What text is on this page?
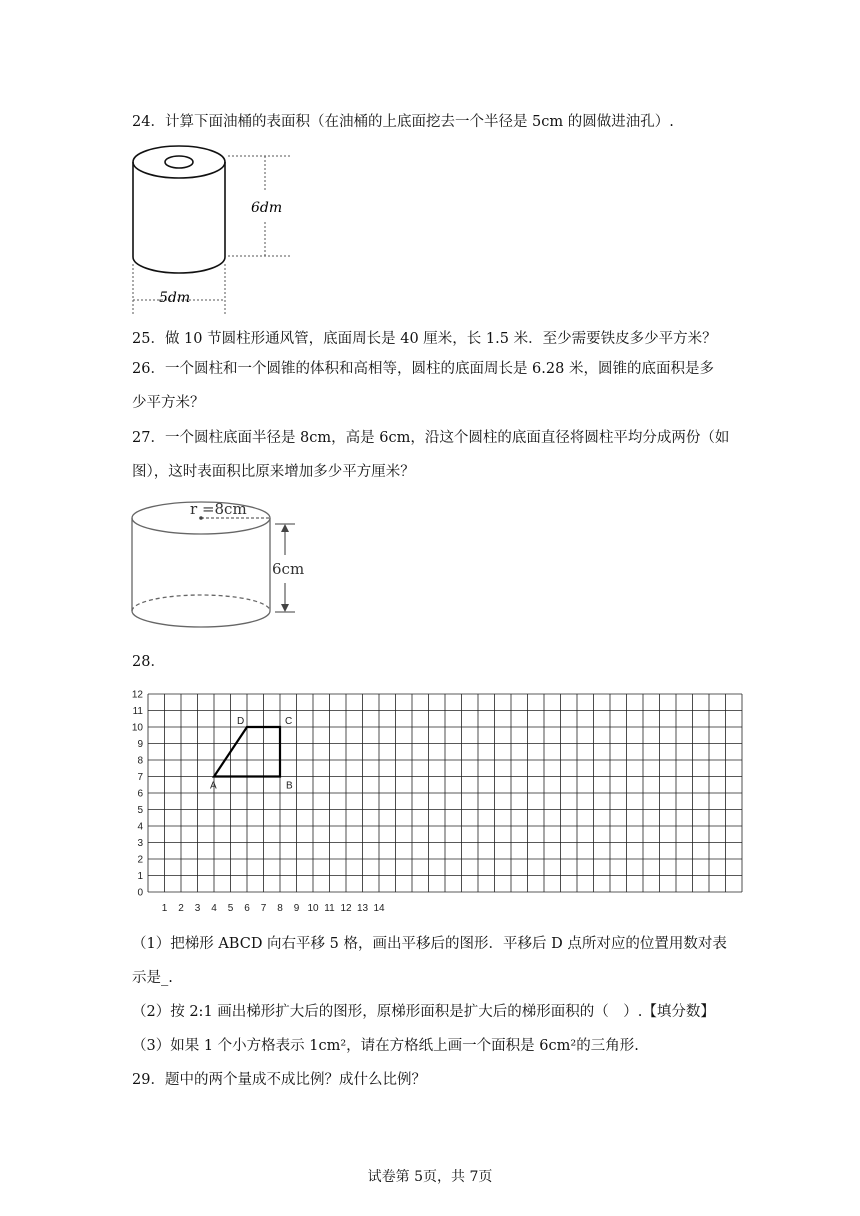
24．计算下面油桶的表面积（在油桶的上底面挖去一个半径是 5cm 的圆做进油孔）.
6dm
5dm
25．做 10 节圆柱形通风管，底面周长是 40 厘米，长 1.5 米．至少需要铁皮多少平方米？
26．一个圆柱和一个圆锥的体积和高相等，圆柱的底面周长是 6.28 米，圆锥的底面积是多
少平方米？
27．一个圆柱底面半径是 8cm，高是 6cm，沿这个圆柱的底面直径将圆柱平均分成两份（如
图），这时表面积比原来增加多少平方厘米？
r =8cm
6cm
28．
0
1
2
3
4
5
6
7
8
9
10
11
12
1 2 3 4 5 6 7 8 9 10 11 12 13 14
A	B
C
D
（1）把梯形 ABCD 向右平移 5 格，画出平移后的图形．平移后 D 点所对应的位置用数对表
示是_.
（2）按 2:1 画出梯形扩大后的图形，原梯形面积是扩大后的梯形面积的（　）.【填分数】
（3）如果 1 个小方格表示 1cm²，请在方格纸上画一个面积是 6cm²的三角形.
29．题中的两个量成不成比例？成什么比例？
试卷第 5页，共 7页
